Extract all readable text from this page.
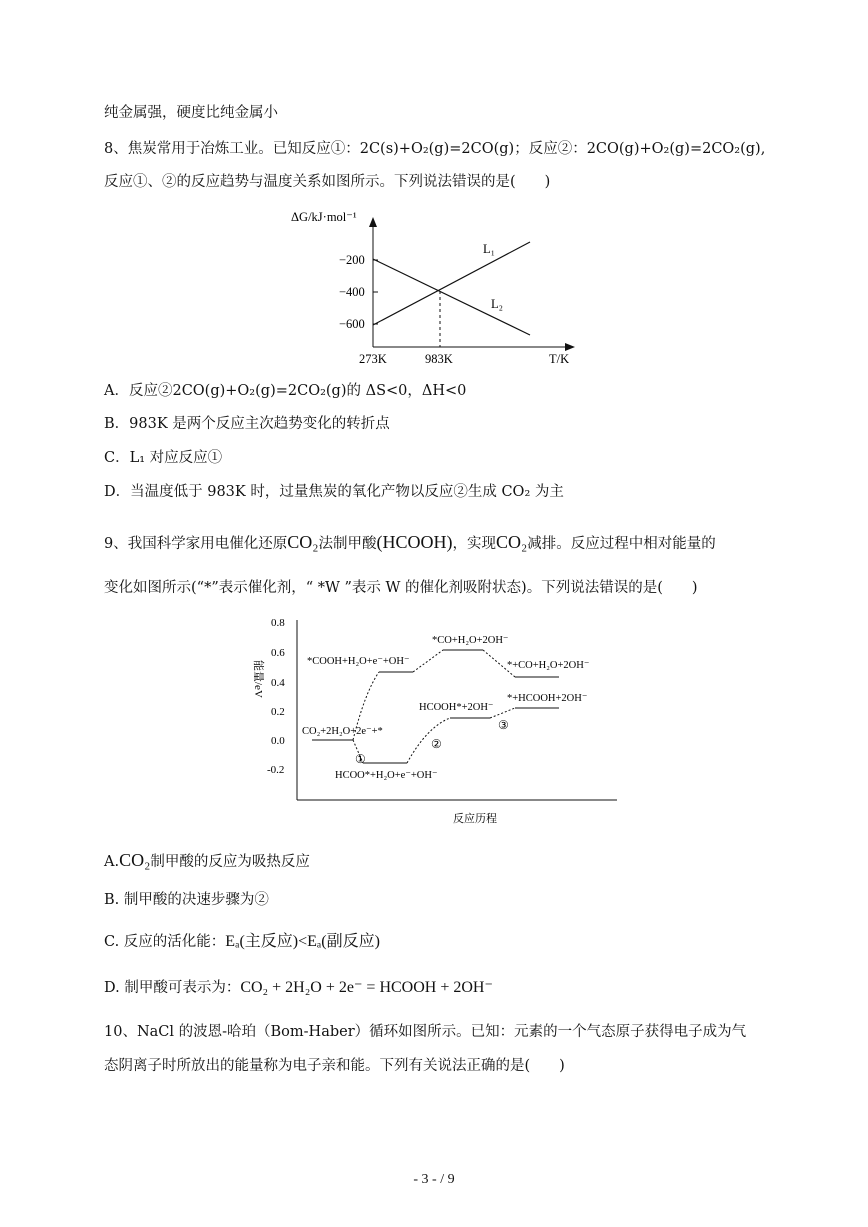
纯金属强，硬度比纯金属小
8、焦炭常用于冶炼工业。已知反应①：2C(s)+O₂(g)=2CO(g)；反应②：2CO(g)+O₂(g)=2CO₂(g),
反应①、②的反应趋势与温度关系如图所示。下列说法错误的是(　　)
ΔG/kJ·mol⁻¹
−200
−400
−600
L₁
L₂
273K	983K	T/K
A．反应②2CO(g)+O₂(g)=2CO₂(g)的 ΔS<0，ΔH<0
B．983K 是两个反应主次趋势变化的转折点
C．L₁ 对应反应①
D．当温度低于 983K 时，过量焦炭的氧化产物以反应②生成 CO₂ 为主
9、我国科学家用电催化还原CO₂法制甲酸(HCOOH)，实现CO₂减排。反应过程中相对能量的
变化如图所示(“*”表示催化剂，“ *W ”表示 W 的催化剂吸附状态)。下列说法错误的是(　　)
能量/eV
0.8
0.6
0.4
0.2
0.0
-0.2
CO₂+2H₂O+2e⁻+*
HCOO*+H₂O+e⁻+OH⁻
*COOH+H₂O+e⁻+OH⁻
*CO+H₂O+2OH⁻
*+CO+H₂O+2OH⁻
HCOOH*+2OH⁻
*+HCOOH+2OH⁻
①
②
③
反应历程
A.CO₂制甲酸的反应为吸热反应
B. 制甲酸的决速步骤为②
C. 反应的活化能：Eₐ(主反应)<Eₐ(副反应)
D. 制甲酸可表示为：CO₂ + 2H₂O + 2e⁻ = HCOOH + 2OH⁻
10、NaCl 的波恩-哈珀（Bom-Haber）循环如图所示。已知：元素的一个气态原子获得电子成为气
态阴离子时所放出的能量称为电子亲和能。下列有关说法正确的是(　　)
- 3 - / 9
